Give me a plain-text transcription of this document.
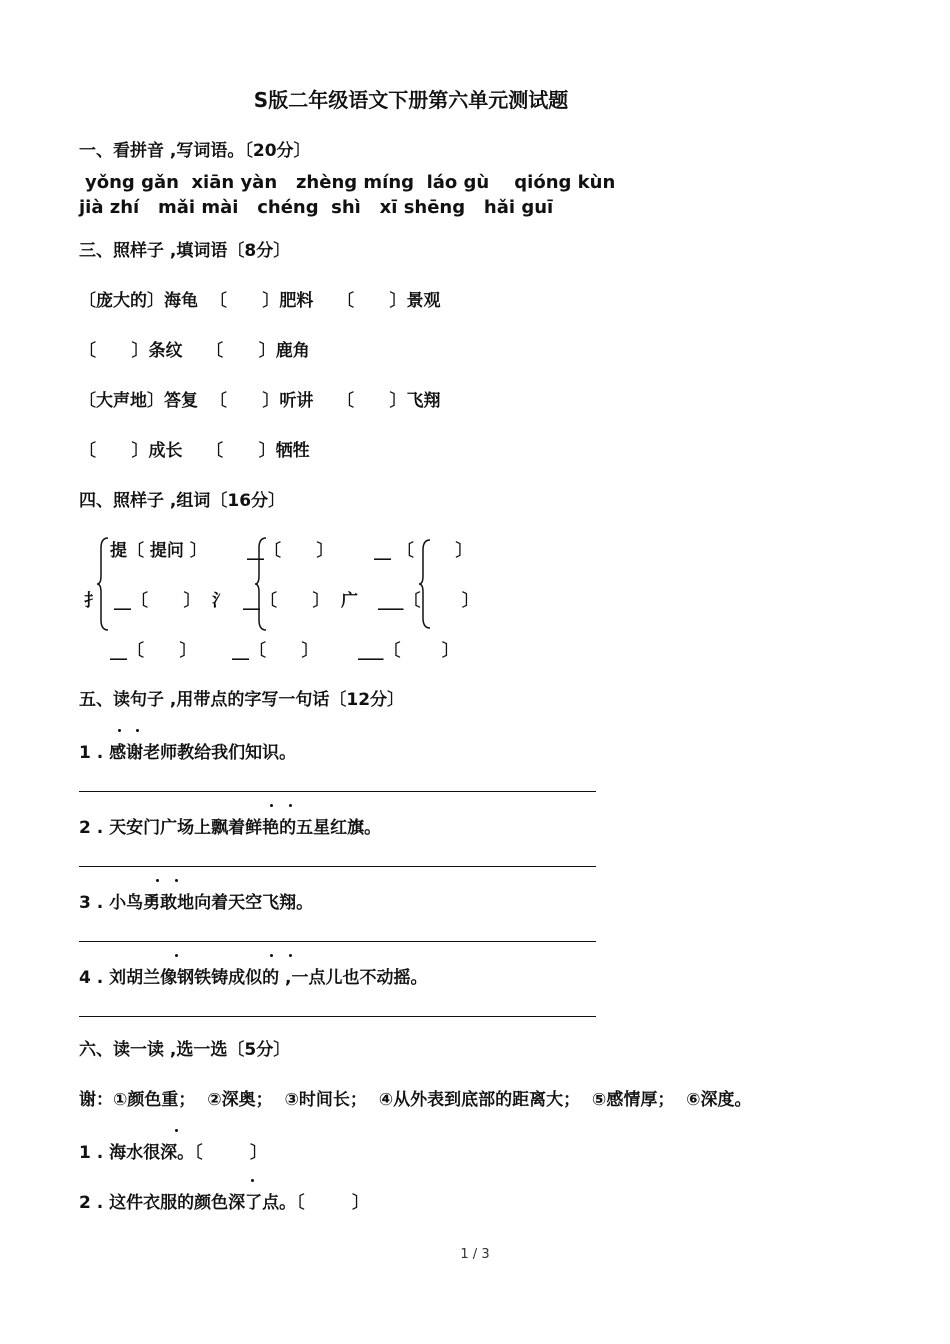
S版二年级语文下册第六单元测试题
一、看拼音 ,写词语。〔20分〕
yǒng gǎn  xiān yàn   zhèng míng  láo gù    qióng kùn
jià zhí   mǎi mài   chéng  shì   xī shēng   hǎi guī
三、照样子 ,填词语〔8分〕
〔庞大的〕海龟  〔      〕肥料    〔      〕景观
〔      〕条纹    〔      〕鹿角
〔大声地〕答复  〔      〕听讲    〔      〕飞翔
〔      〕成长    〔      〕牺牲
四、照样子 ,组词〔16分〕
扌
提〔 提问 〕
__〔      〕
__〔      〕
氵
__〔      〕
__〔      〕
__〔      〕
广
__ 〔       〕
___〔       〕
___〔       〕
五、读句子 ,用带点的字写一句话〔12分〕
1 . 感谢老师教给我们知识。
2 . 天安门广场上飘着鲜艳的五星红旗。
3 . 小鸟勇敢地向着天空飞翔。
4 . 刘胡兰像钢铁铸成似的 ,一点儿也不动摇。
六、读一读 ,选一选〔5分〕
谢：①颜色重；  ②深奥；  ③时间长；  ④从外表到底部的距离大；  ⑤感情厚；  ⑥深度。
1 . 海水很深。〔        〕
2 . 这件衣服的颜色深了点。〔        〕
1 / 3
